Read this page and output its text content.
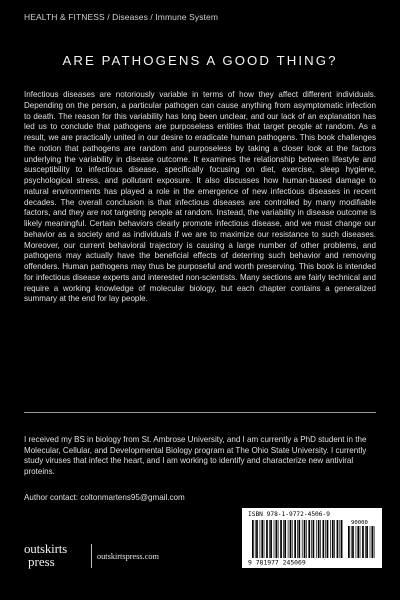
HEALTH & FITNESS / Diseases / Immune System
ARE PATHOGENS A GOOD THING?
Infectious diseases are notoriously variable in terms of how they affect different individuals. Depending on the person, a particular pathogen can cause anything from asymptomatic infection to death. The reason for this variability has long been unclear, and our lack of an explanation has led us to conclude that pathogens are purposeless entities that target people at random. As a result, we are practically united in our desire to eradicate human pathogens. This book challenges the notion that pathogens are random and purposeless by taking a closer look at the factors underlying the variability in disease outcome. It examines the relationship between lifestyle and susceptibility to infectious disease, specifically focusing on diet, exercise, sleep hygiene, psychological stress, and pollutant exposure. It also discusses how human-based damage to natural environments has played a role in the emergence of new infectious diseases in recent decades. The overall conclusion is that infectious diseases are controlled by many modifiable factors, and they are not targeting people at random. Instead, the variability in disease outcome is likely meaningful. Certain behaviors clearly promote infectious disease, and we must change our behavior as a society and as individuals if we are to maximize our resistance to such diseases. Moreover, our current behavioral trajectory is causing a large number of other problems, and pathogens may actually have the beneficial effects of deterring such behavior and removing offenders. Human pathogens may thus be purposeful and worth preserving. This book is intended for infectious disease experts and interested non-scientists. Many sections are fairly technical and require a working knowledge of molecular biology, but each chapter contains a generalized summary at the end for lay people.
I received my BS in biology from St. Ambrose University, and I am currently a PhD student in the Molecular, Cellular, and Developmental Biology program at The Ohio State University. I currently study viruses that infect the heart, and I am working to identify and characterize new antiviral proteins.
Author contact: coltonmartens95@gmail.com
ISBN 978-1-9772-4506-9
9 781977 245069
90000
outskirts
press	outskirtspress.com
